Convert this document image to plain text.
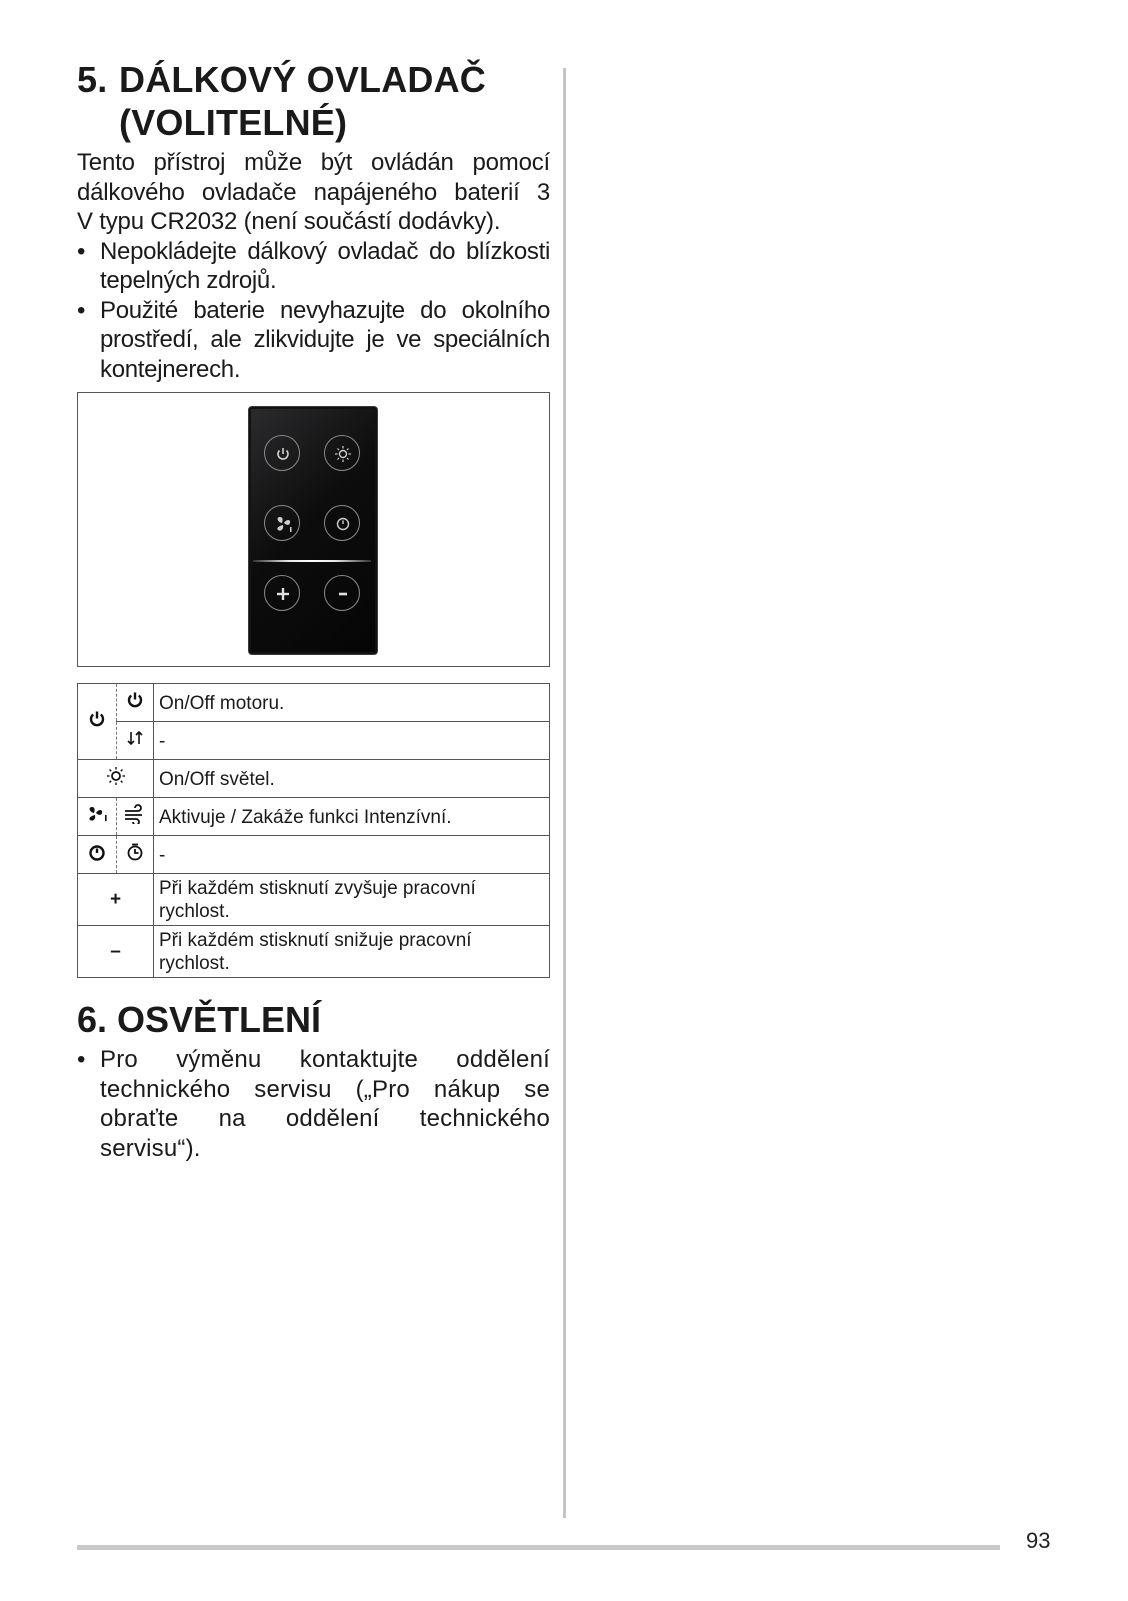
5. DÁLKOVÝ OVLADAČ
(VOLITELNÉ)

Tento přístroj může být ovládán pomocí

dálkového ovladače napájeného baterií 3

V typu CR2032 (není součástí dodávky).

• Nepokládejte dálkový ovladač do blízkosti tepelných zdrojů.
• Použité baterie nevyhazujte do okolního prostředí, ale zlikvidujte je ve speciálních kontejnerech.
		On/Off motoru.
	-
	On/Off světel.
		Aktivuje / Zakáže funkci Intenzívní.
		-
+		Při každém stisknutí zvyšuje pracovní rychlost.
–		Při každém stisknutí snižuje pracovní rychlost.
6. OSVĚTLENÍ
• Pro výměnu kontaktujte oddělení technického servisu („Pro nákup se obraťte na oddělení technického servisu“).
93
